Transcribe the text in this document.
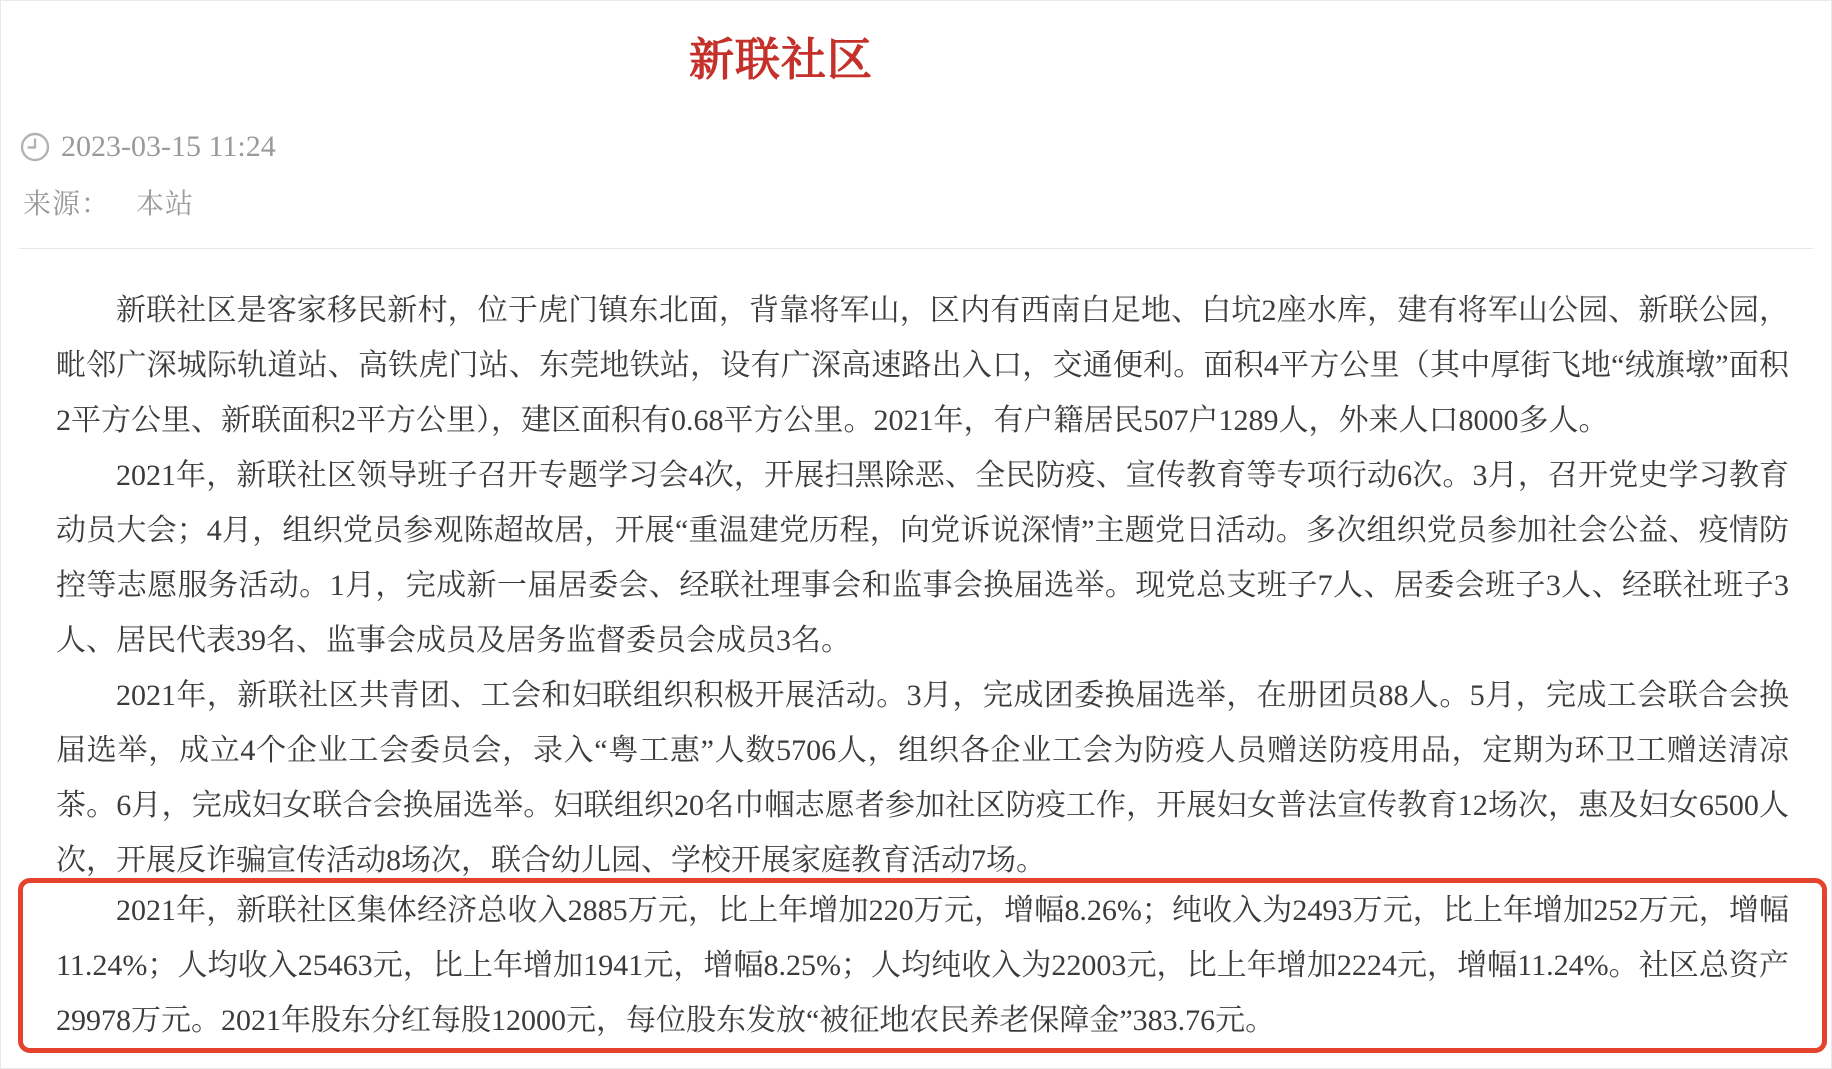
新联社区
2023-03-15 11:24
来源： 本站

新联社区是客家移民新村，位于虎门镇东北面，背靠将军山，区内有西南白足地、白坑2座水库，建有将军山公园、新联公园，毗邻广深城际轨道站、高铁虎门站、东莞地铁站，设有广深高速路出入口，交通便利。面积4平方公里（其中厚街飞地“绒旗墩”面积2平方公里、新联面积2平方公里），建区面积有0.68平方公里。2021年，有户籍居民507户1289人，外来人口8000多人。

2021年，新联社区领导班子召开专题学习会4次，开展扫黑除恶、全民防疫、宣传教育等专项行动6次。3月，召开党史学习教育动员大会；4月，组织党员参观陈超故居，开展“重温建党历程，向党诉说深情”主题党日活动。多次组织党员参加社会公益、疫情防控等志愿服务活动。1月，完成新一届居委会、经联社理事会和监事会换届选举。现党总支班子7人、居委会班子3人、经联社班子3人、居民代表39名、监事会成员及居务监督委员会成员3名。

2021年，新联社区共青团、工会和妇联组织积极开展活动。3月，完成团委换届选举，在册团员88人。5月，完成工会联合会换届选举，成立4个企业工会委员会，录入“粤工惠”人数5706人，组织各企业工会为防疫人员赠送防疫用品，定期为环卫工赠送清凉茶。6月，完成妇女联合会换届选举。妇联组织20名巾帼志愿者参加社区防疫工作，开展妇女普法宣传教育12场次，惠及妇女6500人次，开展反诈骗宣传活动8场次，联合幼儿园、学校开展家庭教育活动7场。

2021年，新联社区集体经济总收入2885万元，比上年增加220万元，增幅8.26%；纯收入为2493万元，比上年增加252万元，增幅11.24%；人均收入25463元，比上年增加1941元，增幅8.25%；人均纯收入为22003元，比上年增加2224元，增幅11.24%。社区总资产29978万元。2021年股东分红每股12000元，每位股东发放“被征地农民养老保障金”383.76元。
